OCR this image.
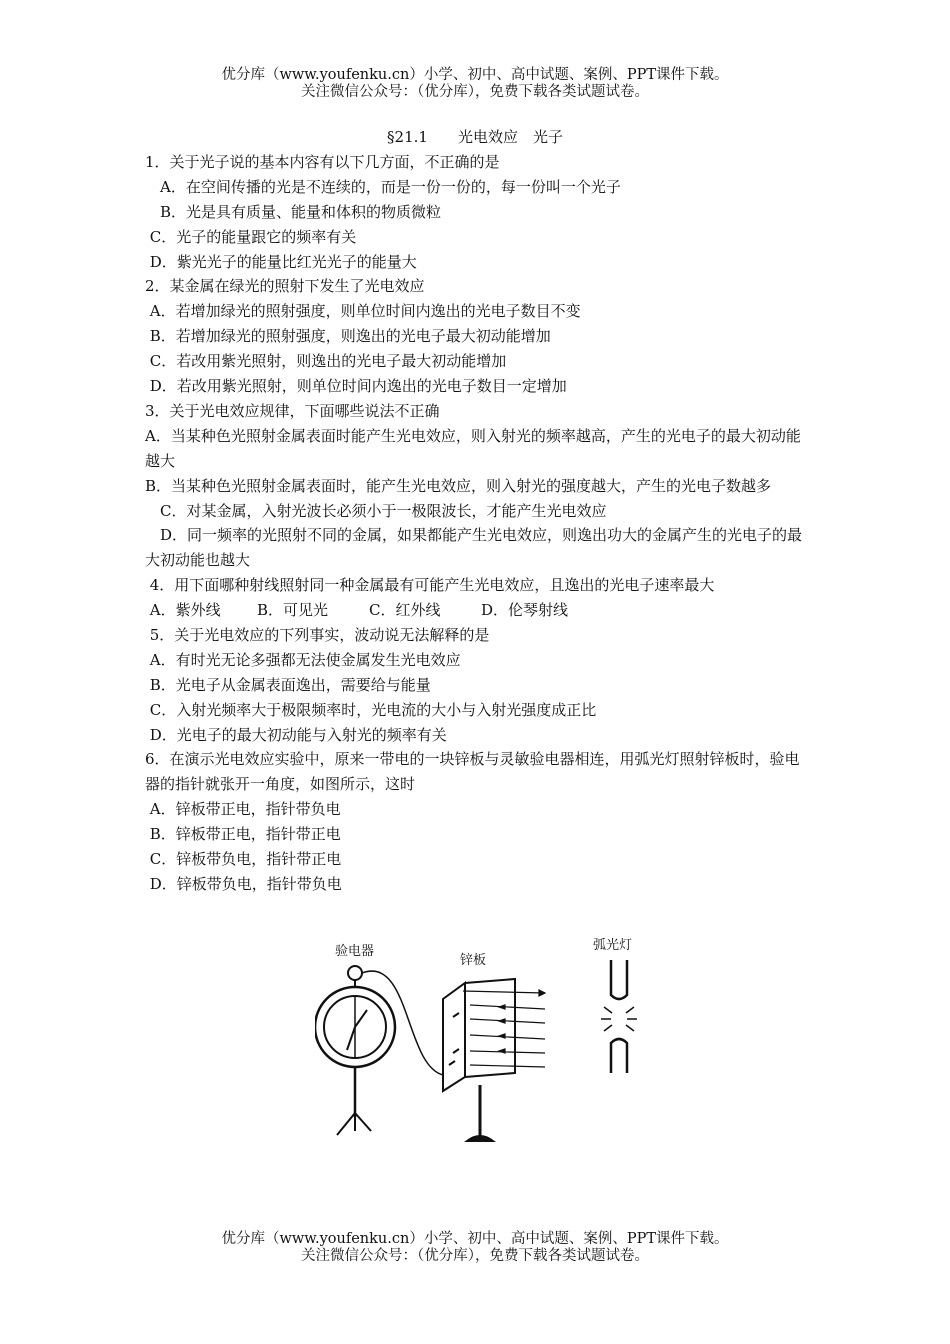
优分库（www.youfenku.cn）小学、初中、高中试题、案例、PPT课件下载。
关注微信公众号：（优分库），免费下载各类试题试卷。
§21.1　　光电效应　光子
1．关于光子说的基本内容有以下几方面，不正确的是
　A．在空间传播的光是不连续的，而是一份一份的，每一份叫一个光子
　B．光是具有质量、能量和体积的物质微粒
C．光子的能量跟它的频率有关
D．紫光光子的能量比红光光子的能量大
2．某金属在绿光的照射下发生了光电效应
A．若增加绿光的照射强度，则单位时间内逸出的光电子数目不变
B．若增加绿光的照射强度，则逸出的光电子最大初动能增加
C．若改用紫光照射，则逸出的光电子最大初动能增加
D．若改用紫光照射，则单位时间内逸出的光电子数目一定增加
3．关于光电效应规律，下面哪些说法不正确
A．当某种色光照射金属表面时能产生光电效应，则入射光的频率越高，产生的光电子的最大初动能越大
B．当某种色光照射金属表面时，能产生光电效应，则入射光的强度越大，产生的光电子数越多
　C．对某金属，入射光波长必须小于一极限波长，才能产生光电效应
　D．同一频率的光照射不同的金属，如果都能产生光电效应，则逸出功大的金属产生的光电子的最大初动能也越大
4．用下面哪种射线照射同一种金属最有可能产生光电效应，且逸出的光电子速率最大
A．紫外线	B．可见光	C．红外线	D．伦琴射线
5．关于光电效应的下列事实，波动说无法解释的是
A．有时光无论多强都无法使金属发生光电效应
B．光电子从金属表面逸出，需要给与能量
C．入射光频率大于极限频率时，光电流的大小与入射光强度成正比
D．光电子的最大初动能与入射光的频率有关
6．在演示光电效应实验中，原来一带电的一块锌板与灵敏验电器相连，用弧光灯照射锌板时，验电器的指针就张开一角度，如图所示，这时
A．锌板带正电，指针带负电
B．锌板带正电，指针带正电
C．锌板带负电，指针带正电
D．锌板带负电，指针带负电
验电器
锌板
弧光灯
优分库（www.youfenku.cn）小学、初中、高中试题、案例、PPT课件下载。
关注微信公众号：（优分库），免费下载各类试题试卷。
